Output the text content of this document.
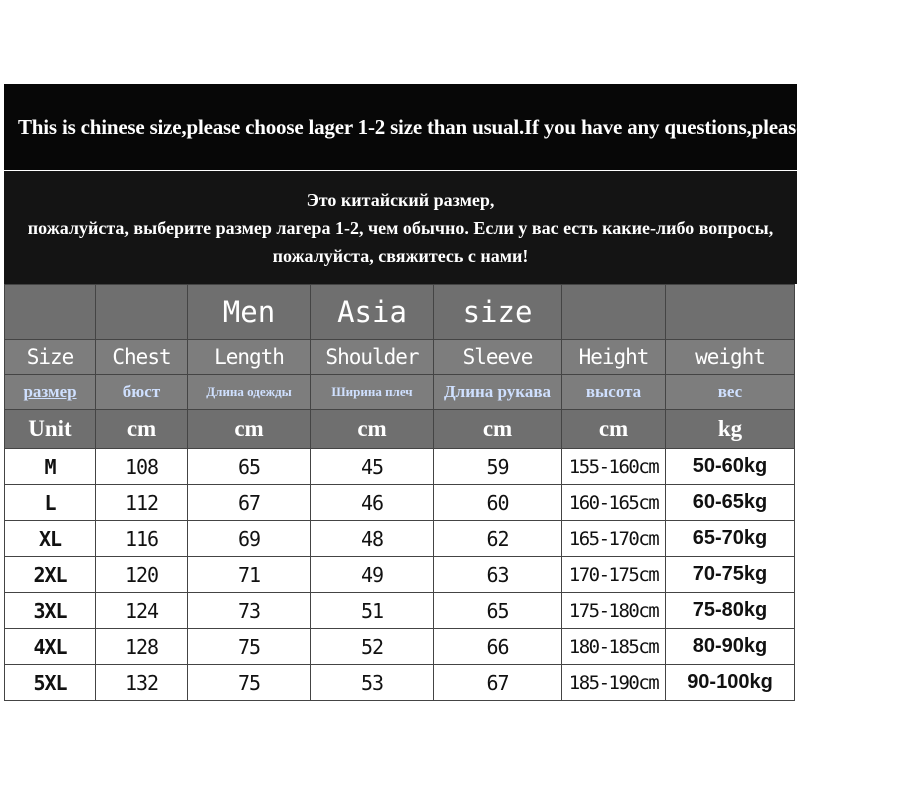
This is chinese size,please choose lager 1-2 size than usual.If you have any questions,please contact us!
Это китайский размер,
пожалуйста, выберите размер лагера 1-2, чем обычно. Если у вас есть какие-либо вопросы,
пожалуйста, свяжитесь с нами!
		Men	Asia	size		
Size	Chest	Length	Shoulder	Sleeve	Height	weight
размер	бюст	Длина одежды	Ширина плеч	Длина рукава	высота	вес
Unit	cm	cm	cm	cm	cm	kg
M	108	65	45	59	155-160cm	50-60kg
L	112	67	46	60	160-165cm	60-65kg
XL	116	69	48	62	165-170cm	65-70kg
2XL	120	71	49	63	170-175cm	70-75kg
3XL	124	73	51	65	175-180cm	75-80kg
4XL	128	75	52	66	180-185cm	80-90kg
5XL	132	75	53	67	185-190cm	90-100kg
